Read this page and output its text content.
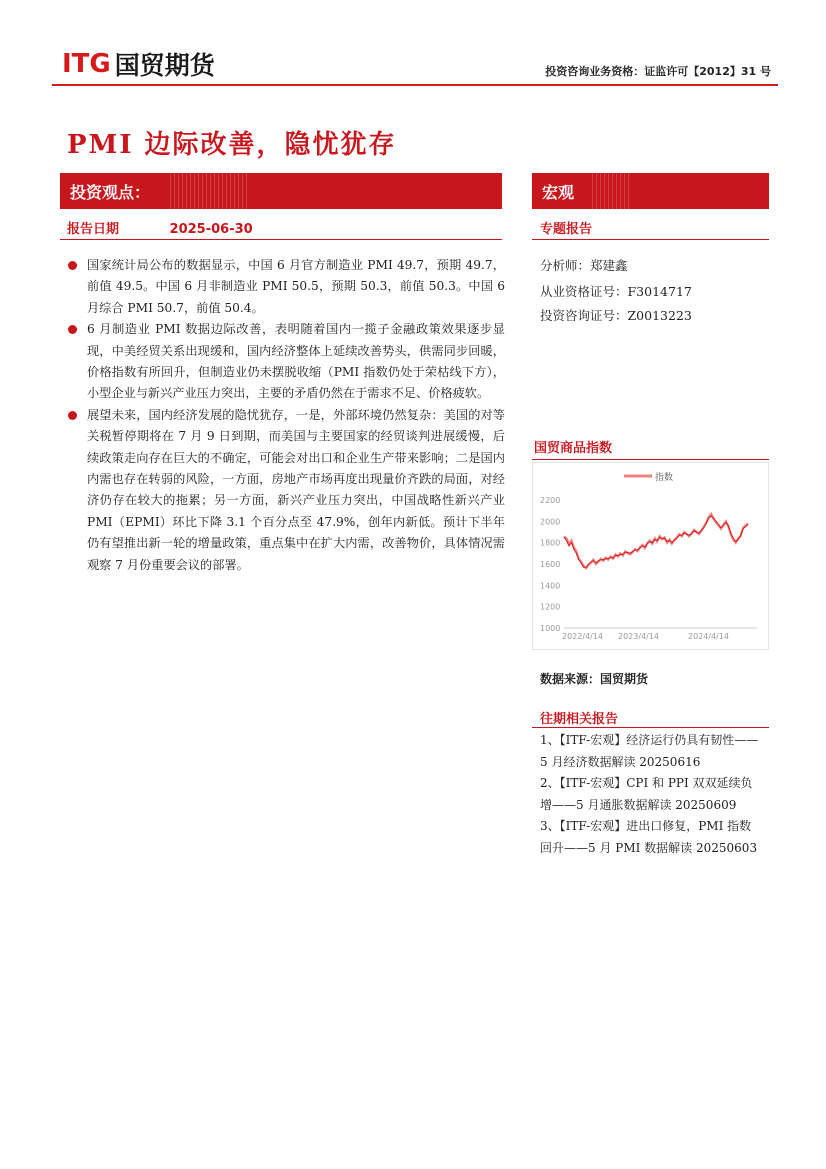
ITG 国贸期货	投资咨询业务资格：证监许可【2012】31 号
PMI 边际改善，隐忧犹存
投资观点：	宏观
报告日期	2025-06-30	专题报告
国家统计局公布的数据显示，中国 6 月官方制造业 PMI 49.7，预期 49.7，前值 49.5。中国 6 月非制造业 PMI 50.5，预期 50.3，前值 50.3。中国 6 月综合 PMI 50.7，前值 50.4。
6 月制造业 PMI 数据边际改善，表明随着国内一揽子金融政策效果逐步显现，中美经贸关系出现缓和，国内经济整体上延续改善势头，供需同步回暖，价格指数有所回升，但制造业仍未摆脱收缩（PMI 指数仍处于荣枯线下方），小型企业与新兴产业压力突出，主要的矛盾仍然在于需求不足、价格疲软。
展望未来，国内经济发展的隐忧犹存，一是，外部环境仍然复杂：美国的对等关税暂停期将在 7 月 9 日到期，而美国与主要国家的经贸谈判进展缓慢，后续政策走向存在巨大的不确定，可能会对出口和企业生产带来影响；二是国内内需也存在转弱的风险，一方面，房地产市场再度出现量价齐跌的局面，对经济仍存在较大的拖累；另一方面，新兴产业压力突出，中国战略性新兴产业 PMI（EPMI）环比下降 3.1 个百分点至 47.9%，创年内新低。预计下半年仍有望推出新一轮的增量政策，重点集中在扩大内需，改善物价，具体情况需观察 7 月份重要会议的部署。
分析师：郑建鑫
从业资格证号：F3014717
投资咨询证号：Z0013223
国贸商品指数
指数
2200
2000
1800
1600
1400
1200
1000
2022/4/14 2023/4/14	2024/4/14
数据来源：国贸期货
往期相关报告
1、【ITF-宏观】经济运行仍具有韧性——5 月经济数据解读 20250616
2、【ITF-宏观】CPI 和 PPI 双双延续负增——5 月通胀数据解读 20250609
3、【ITF-宏观】进出口修复，PMI 指数回升——5 月 PMI 数据解读 20250603
